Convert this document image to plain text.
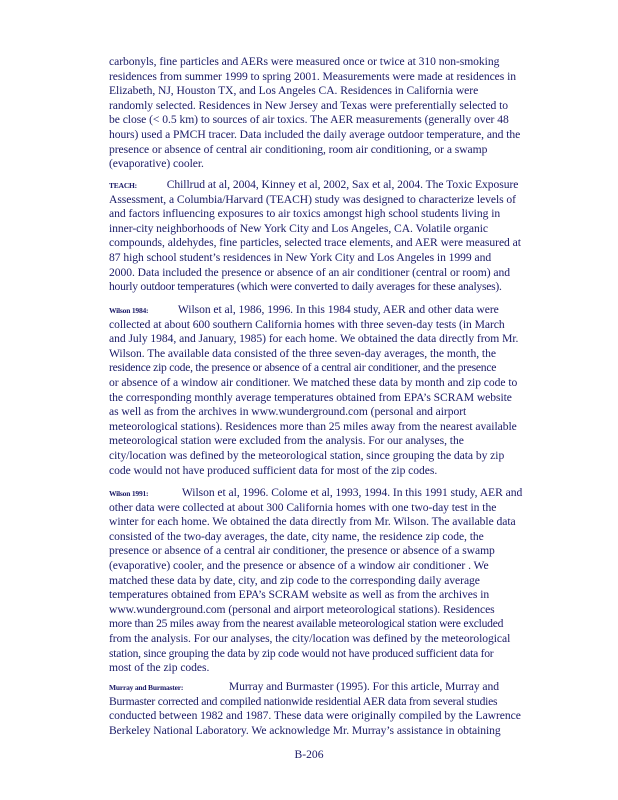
carbonyls, fine particles and AERs were measured once or twice at 310 non-smoking
residences from summer 1999 to spring 2001. Measurements were made at residences in
Elizabeth, NJ, Houston TX, and Los Angeles CA. Residences in California were
randomly selected. Residences in New Jersey and Texas were preferentially selected to
be close (< 0.5 km) to sources of air toxics. The AER measurements (generally over 48
hours) used a PMCH tracer. Data included the daily average outdoor temperature, and the
presence or absence of central air conditioning, room air conditioning, or a swamp
(evaporative) cooler.
TEACH:	Chillrud at al, 2004, Kinney et al, 2002, Sax et al, 2004. The Toxic Exposure
Assessment, a Columbia/Harvard (TEACH) study was designed to characterize levels of
and factors influencing exposures to air toxics amongst high school students living in
inner-city neighborhoods of New York City and Los Angeles, CA. Volatile organic
compounds, aldehydes, fine particles, selected trace elements, and AER were measured at
87 high school student’s residences in New York City and Los Angeles in 1999 and
2000. Data included the presence or absence of an air conditioner (central or room) and
hourly outdoor temperatures (which were converted to daily averages for these analyses).
Wilson 1984:	Wilson et al, 1986, 1996. In this 1984 study, AER and other data were
collected at about 600 southern California homes with three seven-day tests (in March
and July 1984, and January, 1985) for each home. We obtained the data directly from Mr.
Wilson. The available data consisted of the three seven-day averages, the month, the
residence zip code, the presence or absence of a central air conditioner, and the presence
or absence of a window air conditioner. We matched these data by month and zip code to
the corresponding monthly average temperatures obtained from EPA’s SCRAM website
as well as from the archives in www.wunderground.com (personal and airport
meteorological stations). Residences more than 25 miles away from the nearest available
meteorological station were excluded from the analysis. For our analyses, the
city/location was defined by the meteorological station, since grouping the data by zip
code would not have produced sufficient data for most of the zip codes.
Wilson 1991:	Wilson et al, 1996. Colome et al, 1993, 1994. In this 1991 study, AER and
other data were collected at about 300 California homes with one two-day test in the
winter for each home. We obtained the data directly from Mr. Wilson. The available data
consisted of the two-day averages, the date, city name, the residence zip code, the
presence or absence of a central air conditioner, the presence or absence of a swamp
(evaporative) cooler, and the presence or absence of a window air conditioner . We
matched these data by date, city, and zip code to the corresponding daily average
temperatures obtained from EPA’s SCRAM website as well as from the archives in
www.wunderground.com (personal and airport meteorological stations). Residences
more than 25 miles away from the nearest available meteorological station were excluded
from the analysis. For our analyses, the city/location was defined by the meteorological
station, since grouping the data by zip code would not have produced sufficient data for
most of the zip codes.
Murray and Burmaster:	Murray and Burmaster (1995). For this article, Murray and
Burmaster corrected and compiled nationwide residential AER data from several studies
conducted between 1982 and 1987. These data were originally compiled by the Lawrence
Berkeley National Laboratory. We acknowledge Mr. Murray’s assistance in obtaining
B-206
